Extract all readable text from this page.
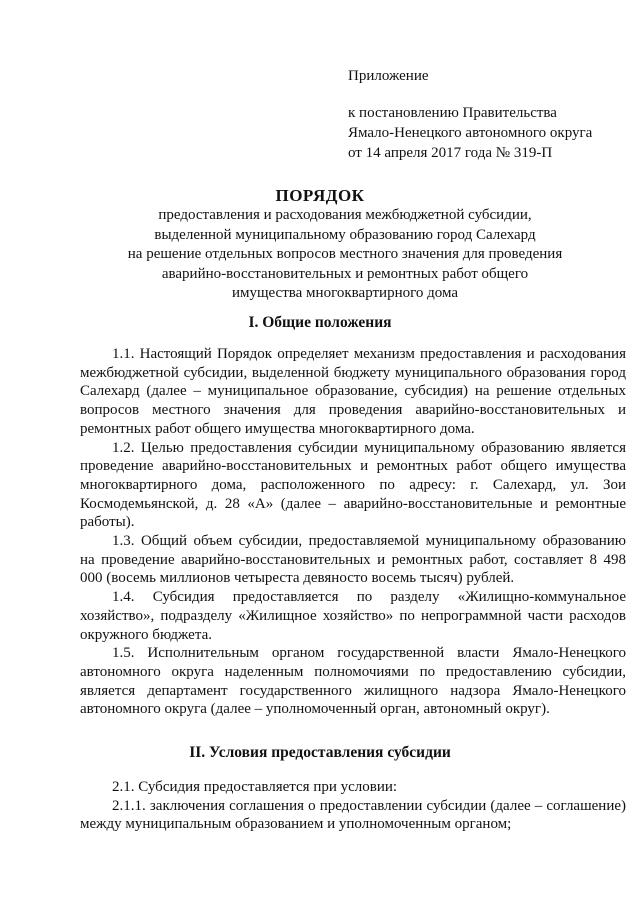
Приложение
к постановлению Правительства
Ямало-Ненецкого автономного округа
от 14 апреля 2017 года № 319-П
ПОРЯДОК
предоставления и расходования межбюджетной субсидии,
выделенной муниципальному образованию город Салехард
на решение отдельных вопросов местного значения для проведения
аварийно-восстановительных и ремонтных работ общего
имущества многоквартирного дома
I. Общие положения

1.1. Настоящий Порядок определяет механизм предоставления и расходования межбюджетной субсидии, выделенной бюджету муниципального образования город Салехард (далее – муниципальное образование, субсидия) на решение отдельных вопросов местного значения для проведения аварийно-восстановительных и ремонтных работ общего имущества многоквартирного дома.

1.2. Целью предоставления субсидии муниципальному образованию является проведение аварийно-восстановительных и ремонтных работ общего имущества многоквартирного дома, расположенного по адресу: г. Салехард, ул. Зои Космодемьянской, д. 28 «А» (далее – аварийно-восстановительные и ремонтные работы).

1.3. Общий объем субсидии, предоставляемой муниципальному образованию на проведение аварийно-восстановительных и ремонтных работ, составляет 8 498 000 (восемь миллионов четыреста девяносто восемь тысяч) рублей.

1.4. Субсидия предоставляется по разделу «Жилищно-коммунальное хозяйство», подразделу «Жилищное хозяйство» по непрограммной части расходов окружного бюджета.

1.5. Исполнительным органом государственной власти Ямало-Ненецкого автономного округа наделенным полномочиями по предоставлению субсидии, является департамент государственного жилищного надзора Ямало-Ненецкого автономного округа (далее – уполномоченный орган, автономный округ).

II. Условия предоставления субсидии

2.1. Субсидия предоставляется при условии:

2.1.1. заключения соглашения о предоставлении субсидии (далее – соглашение) между муниципальным образованием и уполномоченным органом;
